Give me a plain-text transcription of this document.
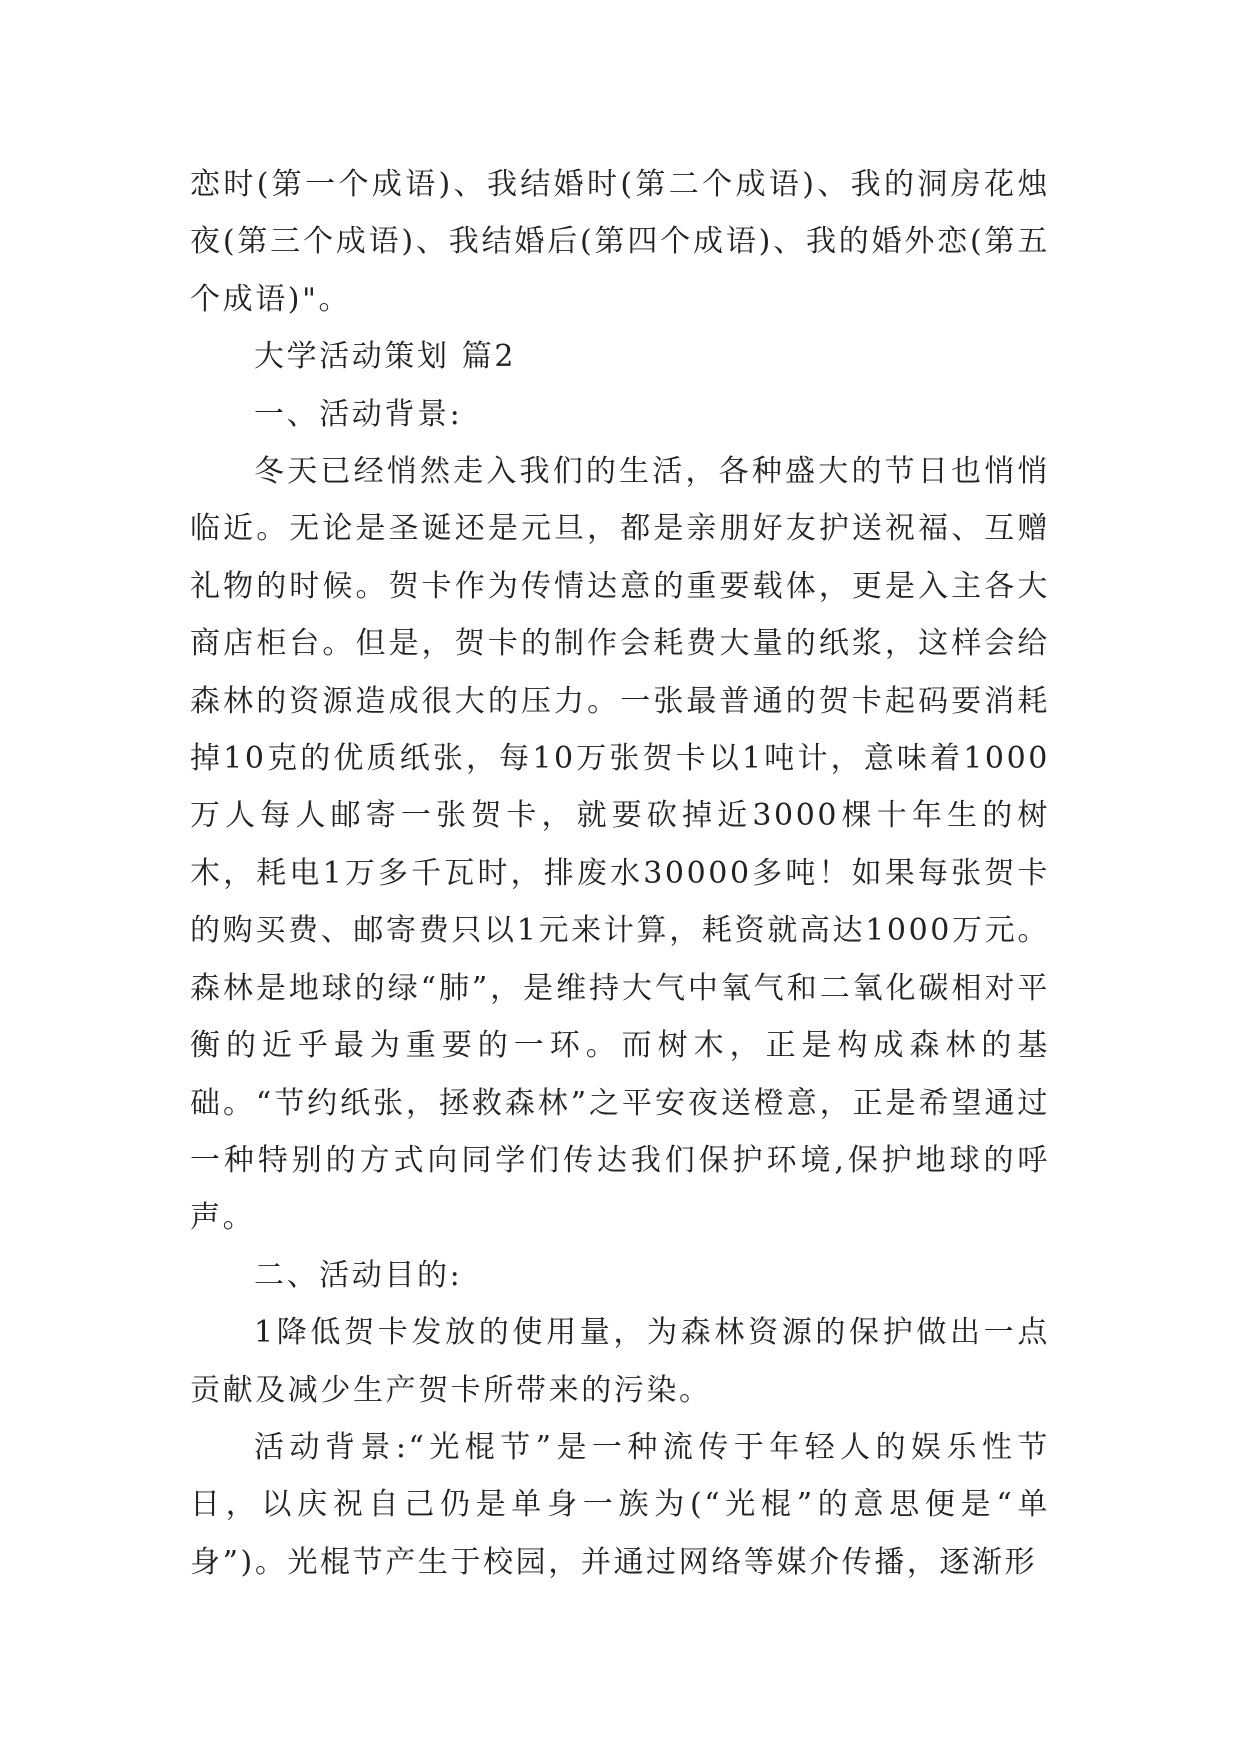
恋时(第一个成语)、我结婚时(第二个成语)、我的洞房花烛夜(第三个成语)、我结婚后(第四个成语)、我的婚外恋(第五个成语)"。

大学活动策划 篇2

一、活动背景:

冬天已经悄然走入我们的生活，各种盛大的节日也悄悄临近。无论是圣诞还是元旦，都是亲朋好友护送祝福、互赠礼物的时候。贺卡作为传情达意的重要载体，更是入主各大商店柜台。但是，贺卡的制作会耗费大量的纸浆，这样会给森林的资源造成很大的压力。一张最普通的贺卡起码要消耗掉10克的优质纸张，每10万张贺卡以1吨计，意味着1000万人每人邮寄一张贺卡，就要砍掉近3000棵十年生的树木，耗电1万多千瓦时，排废水30000多吨！如果每张贺卡的购买费、邮寄费只以1元来计算，耗资就高达1000万元。森林是地球的绿“肺”，是维持大气中氧气和二氧化碳相对平衡的近乎最为重要的一环。而树木，正是构成森林的基础。“节约纸张，拯救森林”之平安夜送橙意，正是希望通过一种特别的方式向同学们传达我们保护环境,保护地球的呼声。

二、活动目的:

1降低贺卡发放的使用量，为森林资源的保护做出一点贡献及减少生产贺卡所带来的污染。

活动背景:“光棍节”是一种流传于年轻人的娱乐性节日，以庆祝自己仍是单身一族为(“光棍”的意思便是“单身”)。光棍节产生于校园，并通过网络等媒介传播，逐渐形
